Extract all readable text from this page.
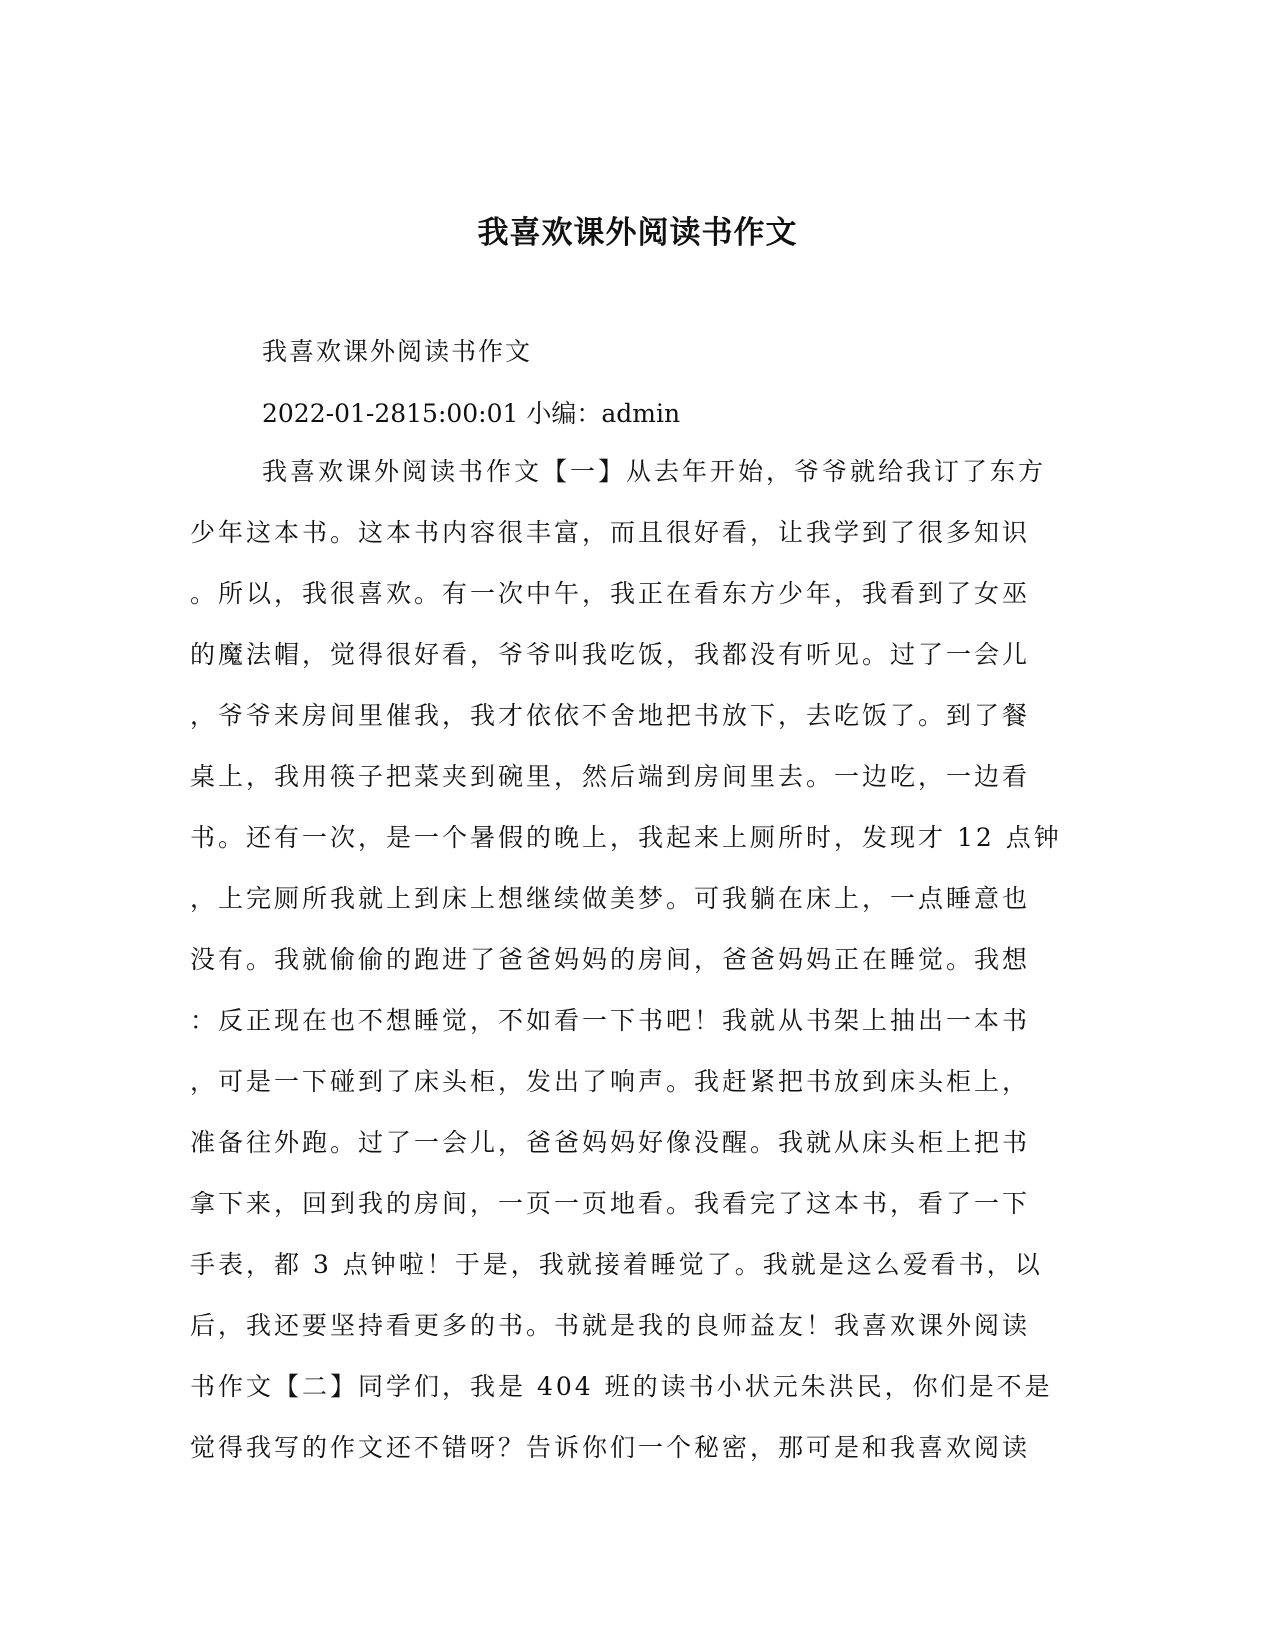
我喜欢课外阅读书作文
我喜欢课外阅读书作文
2022-01-2815:00:01 小编：admin
我喜欢课外阅读书作文【一】从去年开始，爷爷就给我订了东方
少年这本书。这本书内容很丰富，而且很好看，让我学到了很多知识
。所以，我很喜欢。有一次中午，我正在看东方少年，我看到了女巫
的魔法帽，觉得很好看，爷爷叫我吃饭，我都没有听见。过了一会儿
，爷爷来房间里催我，我才依依不舍地把书放下，去吃饭了。到了餐
桌上，我用筷子把菜夹到碗里，然后端到房间里去。一边吃，一边看
书。还有一次，是一个暑假的晚上，我起来上厕所时，发现才 12 点钟
，上完厕所我就上到床上想继续做美梦。可我躺在床上，一点睡意也
没有。我就偷偷的跑进了爸爸妈妈的房间，爸爸妈妈正在睡觉。我想
：反正现在也不想睡觉，不如看一下书吧！我就从书架上抽出一本书
，可是一下碰到了床头柜，发出了响声。我赶紧把书放到床头柜上，
准备往外跑。过了一会儿，爸爸妈妈好像没醒。我就从床头柜上把书
拿下来，回到我的房间，一页一页地看。我看完了这本书，看了一下
手表，都 3 点钟啦！于是，我就接着睡觉了。我就是这么爱看书，以
后，我还要坚持看更多的书。书就是我的良师益友！我喜欢课外阅读
书作文【二】同学们，我是 404 班的读书小状元朱洪民，你们是不是
觉得我写的作文还不错呀？告诉你们一个秘密，那可是和我喜欢阅读
